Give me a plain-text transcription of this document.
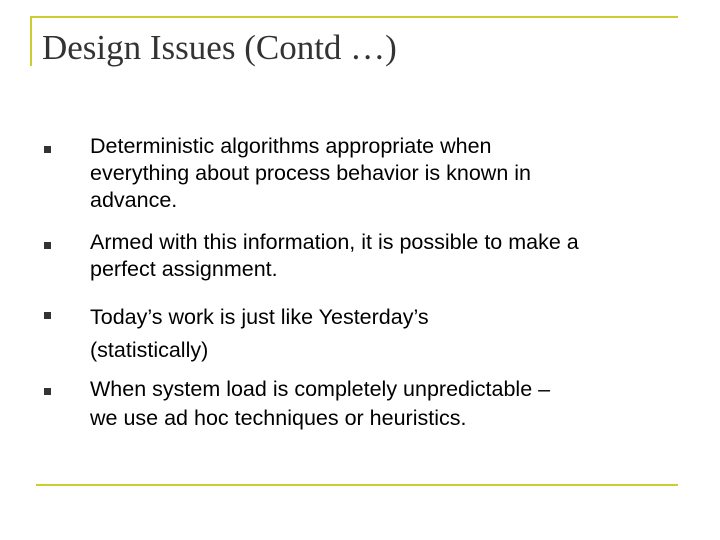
Design Issues (Contd …)
Deterministic algorithms appropriate when
everything about process behavior is known in
advance.
Armed with this information, it is possible to make a
perfect assignment.
Today’s work is just like Yesterday’s
(statistically)
When system load is completely unpredictable –
we use ad hoc techniques or heuristics.
